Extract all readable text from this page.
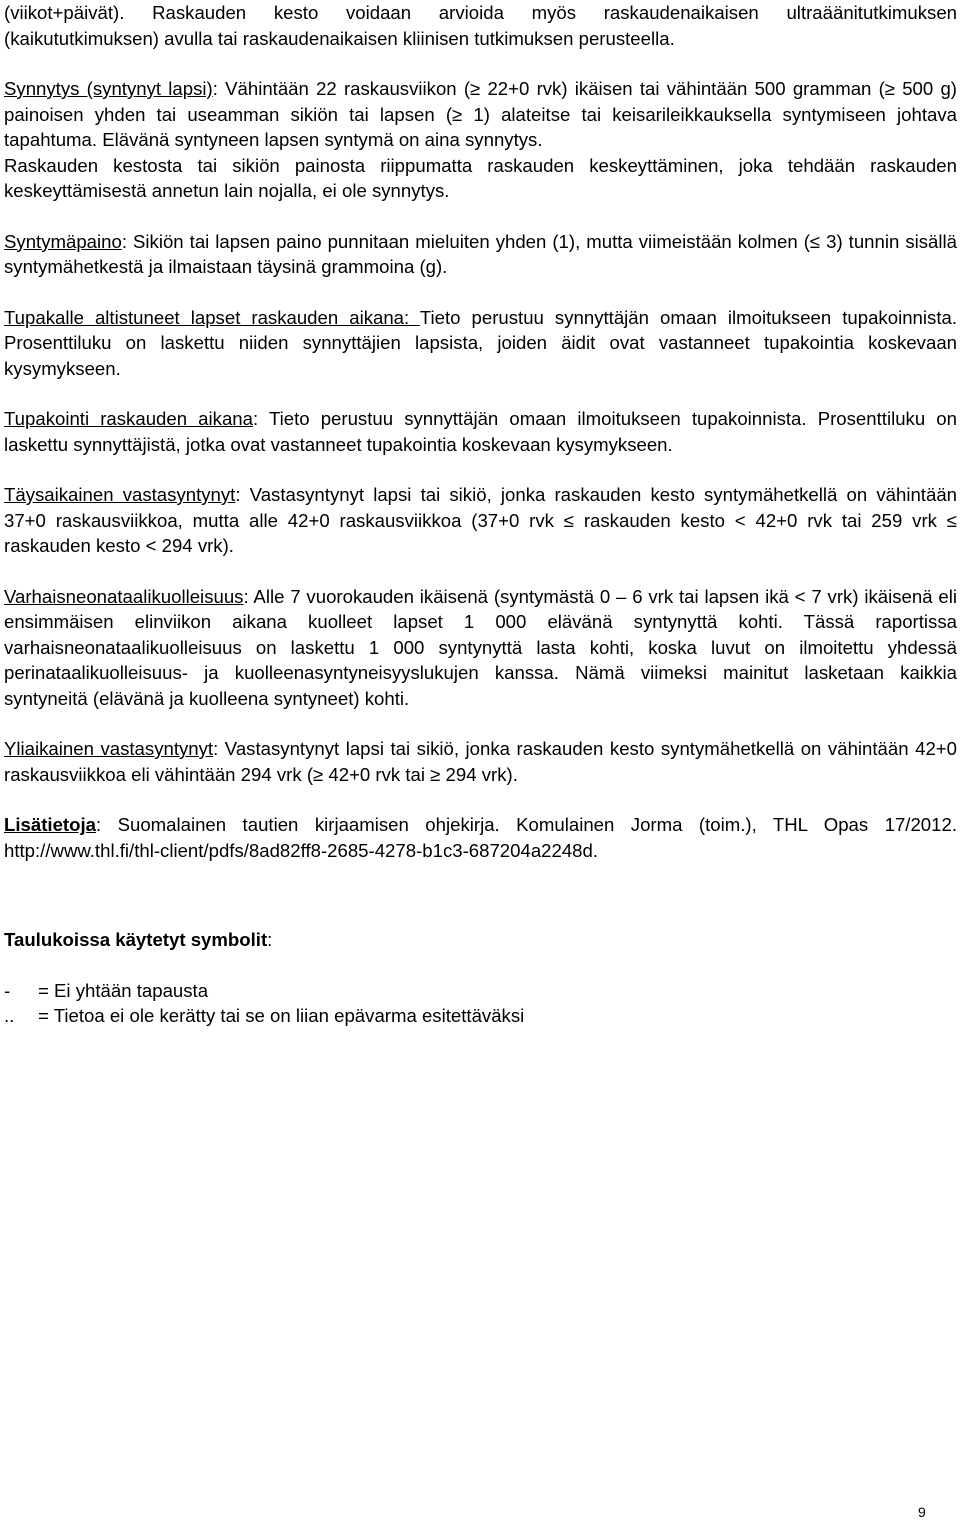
(viikot+päivät). Raskauden kesto voidaan arvioida myös raskaudenaikaisen ultraäänitutkimuksen (kaikututkimuksen) avulla tai raskaudenaikaisen kliinisen tutkimuksen perusteella.

Synnytys (syntynyt lapsi): Vähintään 22 raskausviikon (≥ 22+0 rvk) ikäisen tai vähintään 500 gramman (≥ 500 g) painoisen yhden tai useamman sikiön tai lapsen (≥ 1) alateitse tai keisarileikkauksella syntymiseen johtava tapahtuma. Elävänä syntyneen lapsen syntymä on aina synnytys.

Raskauden kestosta tai sikiön painosta riippumatta raskauden keskeyttäminen, joka tehdään raskauden keskeyttämisestä annetun lain nojalla, ei ole synnytys.

Syntymäpaino: Sikiön tai lapsen paino punnitaan mieluiten yhden (1), mutta viimeistään kolmen (≤ 3) tunnin sisällä syntymähetkestä ja ilmaistaan täysinä grammoina (g).

Tupakalle altistuneet lapset raskauden aikana: Tieto perustuu synnyttäjän omaan ilmoitukseen tupakoinnista. Prosenttiluku on laskettu niiden synnyttäjien lapsista, joiden äidit ovat vastanneet tupakointia koskevaan kysymykseen.

Tupakointi raskauden aikana: Tieto perustuu synnyttäjän omaan ilmoitukseen tupakoinnista. Prosenttiluku on laskettu synnyttäjistä, jotka ovat vastanneet tupakointia koskevaan kysymykseen.

Täysaikainen vastasyntynyt: Vastasyntynyt lapsi tai sikiö, jonka raskauden kesto syntymähetkellä on vähintään 37+0 raskausviikkoa, mutta alle 42+0 raskausviikkoa (37+0 rvk ≤ raskauden kesto < 42+0 rvk tai 259 vrk ≤ raskauden kesto < 294 vrk).

Varhaisneonataalikuolleisuus: Alle 7 vuorokauden ikäisenä (syntymästä 0 – 6 vrk tai lapsen ikä < 7 vrk) ikäisenä eli ensimmäisen elinviikon aikana kuolleet lapset 1 000 elävänä syntynyttä kohti. Tässä raportissa varhaisneonataalikuolleisuus on laskettu 1 000 syntynyttä lasta kohti, koska luvut on ilmoitettu yhdessä perinataalikuolleisuus- ja kuolleenasyntyneisyyslukujen kanssa. Nämä viimeksi mainitut lasketaan kaikkia syntyneitä (elävänä ja kuolleena syntyneet) kohti.

Yliaikainen vastasyntynyt: Vastasyntynyt lapsi tai sikiö, jonka raskauden kesto syntymähetkellä on vähintään 42+0 raskausviikkoa eli vähintään 294 vrk (≥ 42+0 rvk tai ≥ 294 vrk).

Lisätietoja: Suomalainen tautien kirjaamisen ohjekirja. Komulainen Jorma (toim.), THL Opas 17/2012. http://www.thl.fi/thl-client/pdfs/8ad82ff8-2685-4278-b1c3-687204a2248d.

Taulukoissa käytetyt symbolit:

- = Ei yhtään tapausta

.. = Tietoa ei ole kerätty tai se on liian epävarma esitettäväksi

9
